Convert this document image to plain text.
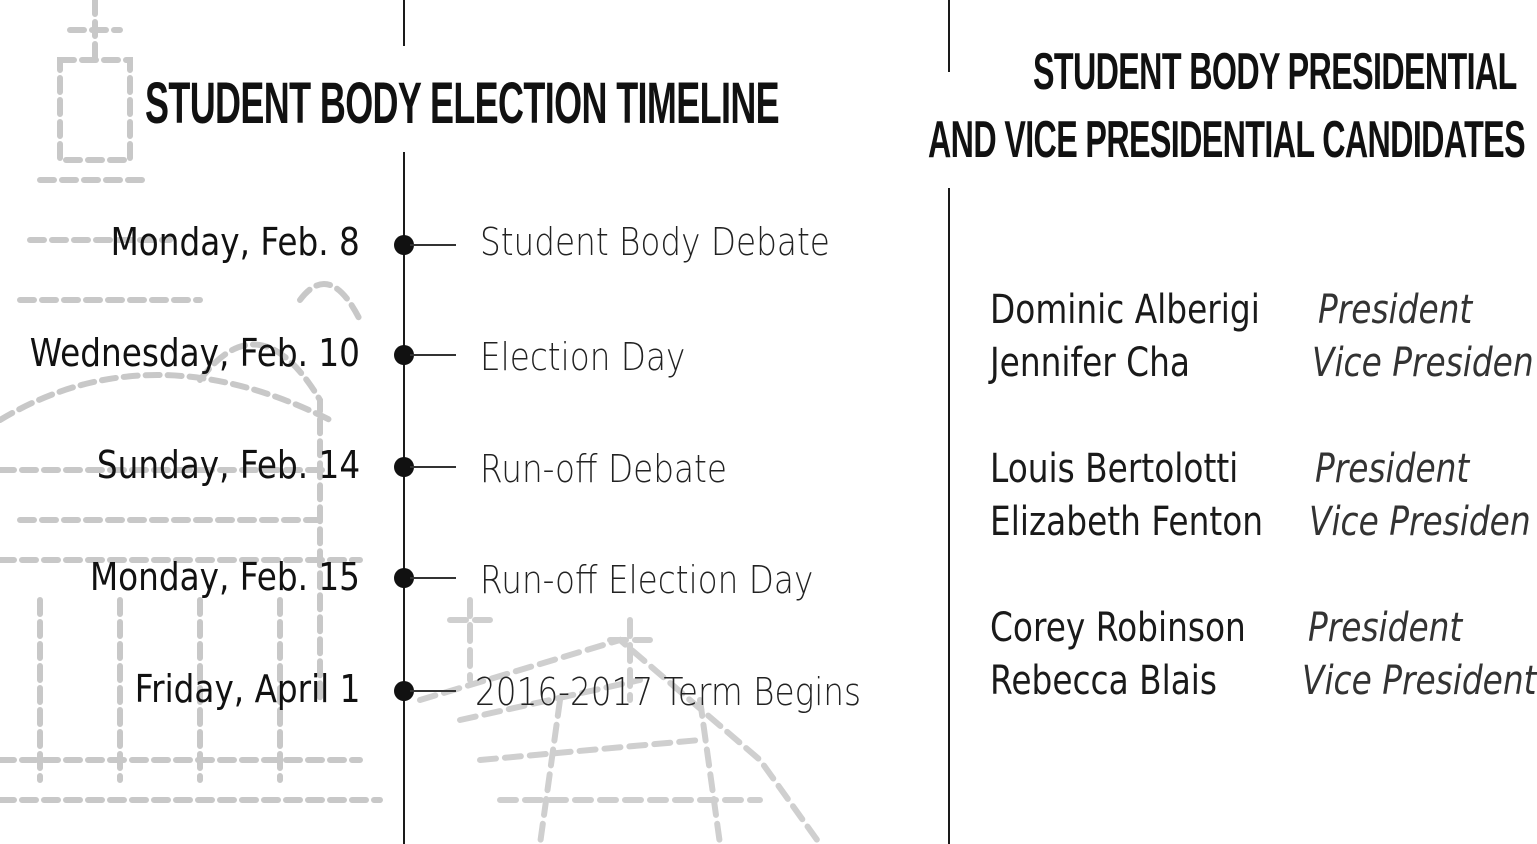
STUDENT BODY ELECTION TIMELINE	STUDENT BODY PRESIDENTIAL
AND VICE PRESIDENTIAL CANDIDATES
Monday, Feb. 8	Student Body Debate
Wednesday, Feb. 10	Election Day
Sunday, Feb. 14	Run-off Debate
Monday, Feb. 15	Run-off Election Day
Friday, April 1	2016-2017 Term Begins
Dominic Alberigi President
Jennifer Cha	Vice Presiden
Louis Bertolotti President
Elizabeth Fenton Vice Presiden
Corey Robinson President
Rebecca Blais Vice President
